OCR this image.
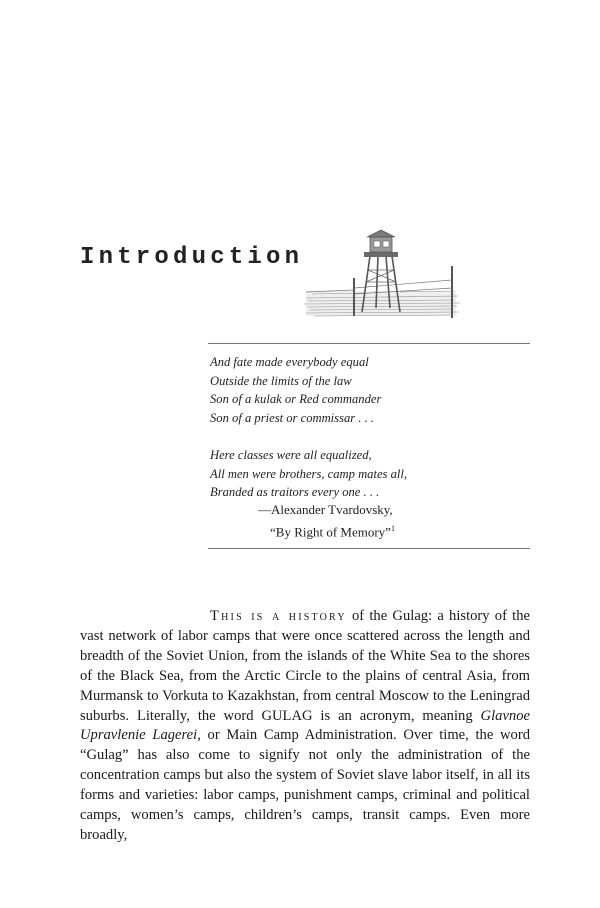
Introduction
And fate made everybody equal
Outside the limits of the law
Son of a kulak or Red commander
Son of a priest or commissar . . .
Here classes were all equalized,
All men were brothers, camp mates all,
Branded as traitors every one . . .
—Alexander Tvardovsky,
“By Right of Memory”$^1$

This is a history of the Gulag: a history of the vast network of labor camps that were once scattered across the length and breadth of the Soviet Union, from the islands of the White Sea to the shores of the Black Sea, from the Arctic Circle to the plains of central Asia, from Murmansk to Vorkuta to Kazakhstan, from central Moscow to the Leningrad suburbs. Literally, the word GULAG is an acronym, meaning Glavnoe Upravlenie Lagerei, or Main Camp Administration. Over time, the word “Gulag” has also come to signify not only the administration of the concentration camps but also the system of Soviet slave labor itself, in all its forms and varieties: labor camps, punishment camps, criminal and political camps, women’s camps, children’s camps, transit camps. Even more broadly,
